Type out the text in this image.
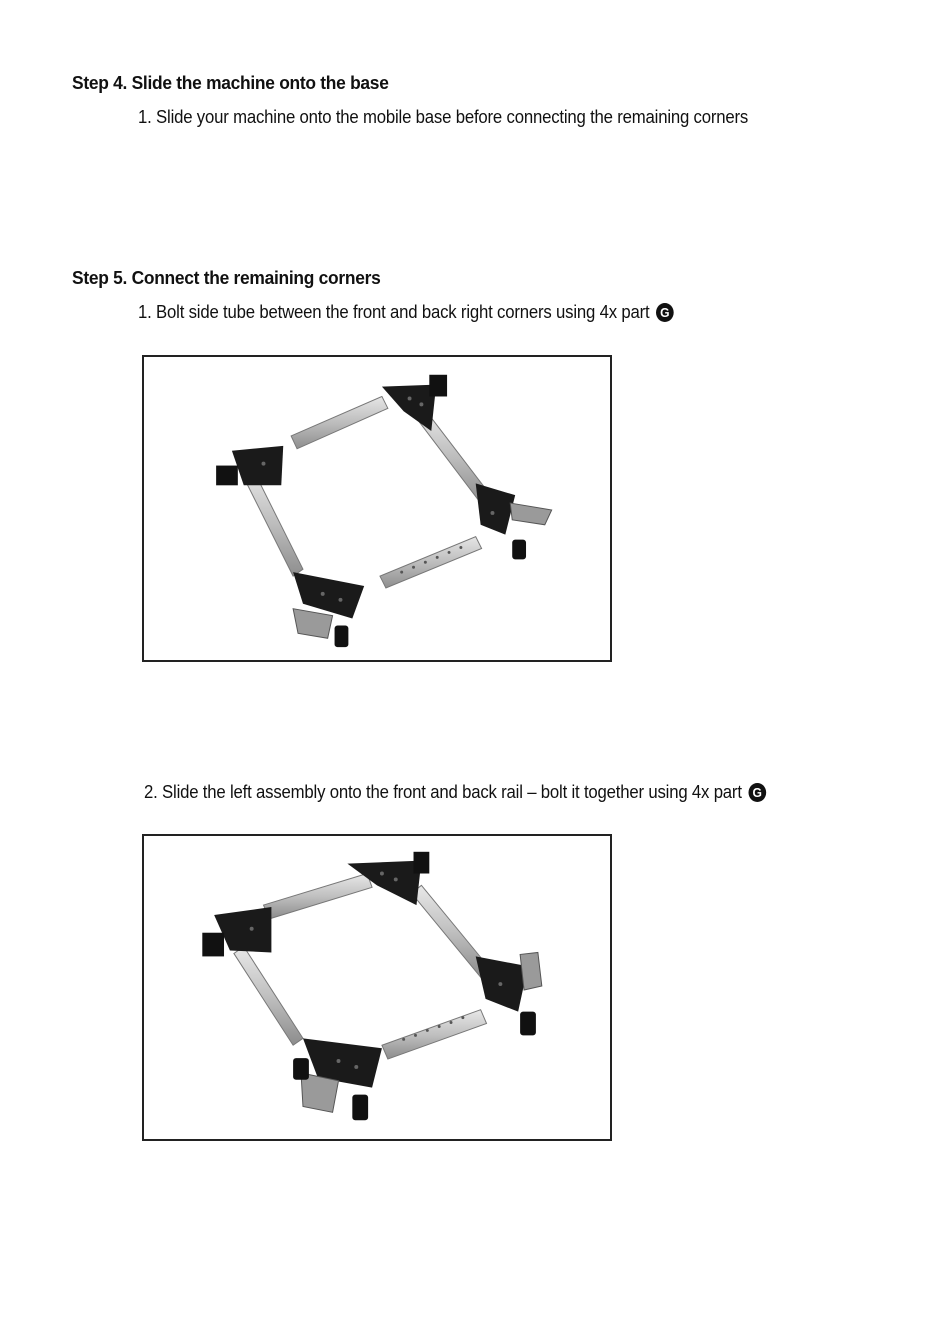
Step 4. Slide the machine onto the base

1. Slide your machine onto the mobile base before connecting the remaining corners

Step 5. Connect the remaining corners

1. Bolt side tube between the front and back right corners using 4x part G

2. Slide the left assembly onto the front and back rail – bolt it together using 4x part G
